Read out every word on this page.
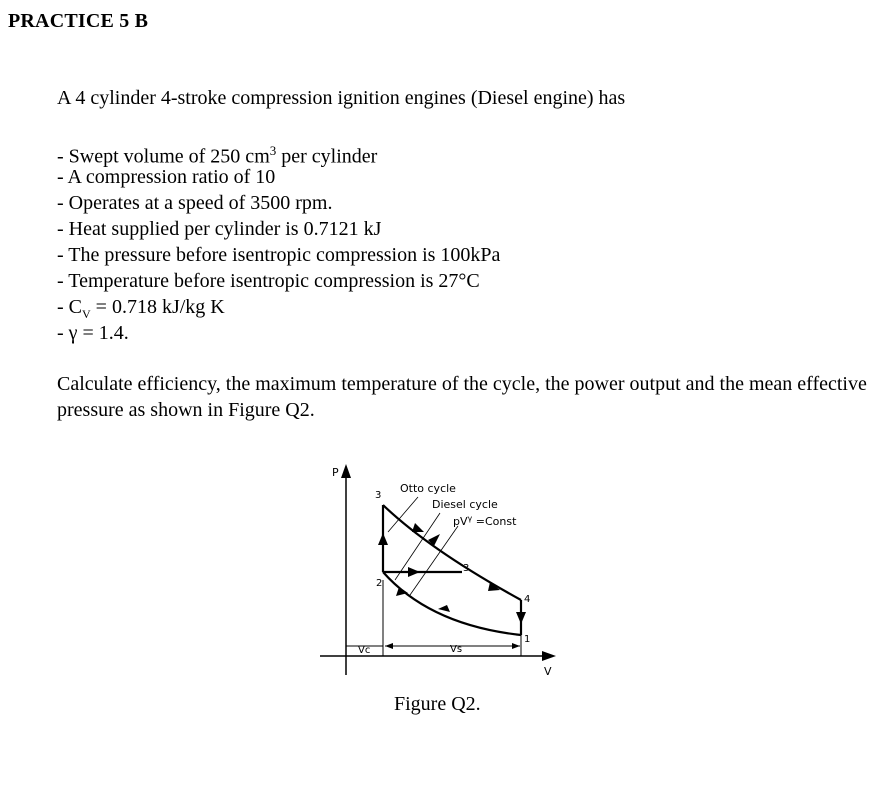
PRACTICE 5 B
A 4 cylinder 4-stroke compression ignition engines (Diesel engine) has
- Swept volume of 250 $cm^3$ per cylinder
- A compression ratio of 10
- Operates at a speed of 3500 rpm.
- Heat supplied per cylinder is 0.7121 kJ
- The pressure before isentropic compression is 100kPa
- Temperature before isentropic compression is 27°C
- $C_V = 0.718$ kJ/kg K
- γ = 1.4.
Calculate efficiency, the maximum temperature of the cycle, the power output and the mean effective pressure as shown in Figure Q2.
P
V
Vc	Vs
Otto cycle
Diesel cycle
$pV^\gamma$ =Const
3
2
3
4
1
Figure Q2.
